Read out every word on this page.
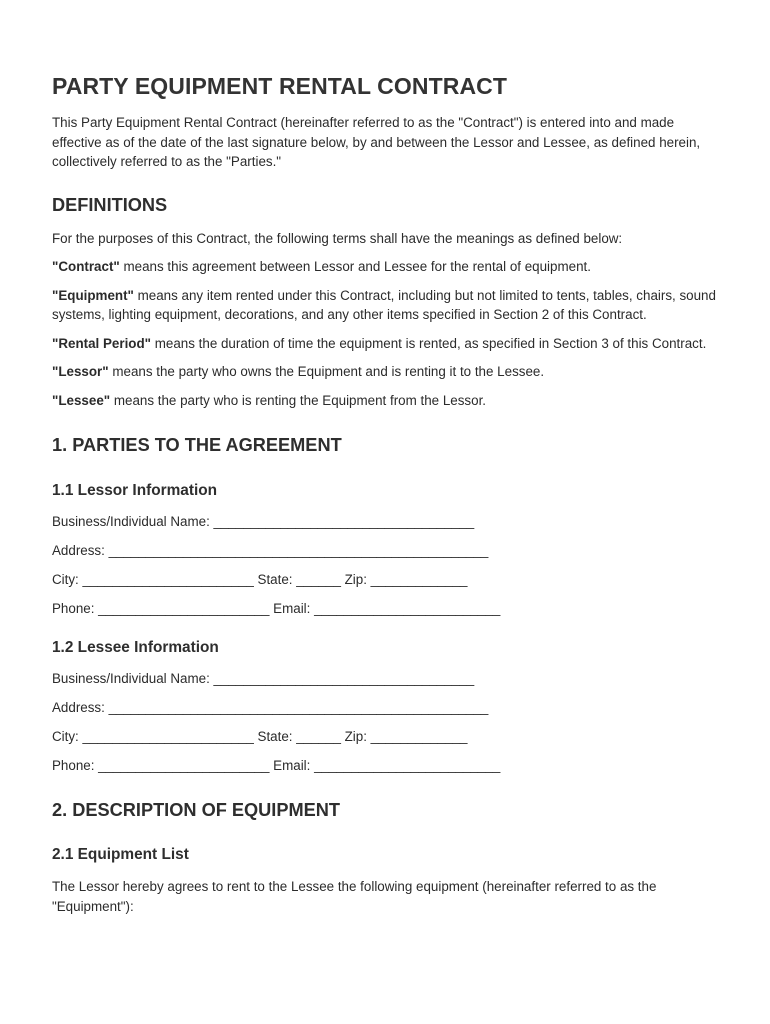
PARTY EQUIPMENT RENTAL CONTRACT

This Party Equipment Rental Contract (hereinafter referred to as the "Contract") is entered into and made effective as of the date of the last signature below, by and between the Lessor and Lessee, as defined herein, collectively referred to as the "Parties."

DEFINITIONS

For the purposes of this Contract, the following terms shall have the meanings as defined below:

"Contract" means this agreement between Lessor and Lessee for the rental of equipment.

"Equipment" means any item rented under this Contract, including but not limited to tents, tables, chairs, sound systems, lighting equipment, decorations, and any other items specified in Section 2 of this Contract.

"Rental Period" means the duration of time the equipment is rented, as specified in Section 3 of this Contract.

"Lessor" means the party who owns the Equipment and is renting it to the Lessee.

"Lessee" means the party who is renting the Equipment from the Lessor.

1. PARTIES TO THE AGREEMENT
1.1 Lessor Information

Business/Individual Name: ___________________________________

Address: ___________________________________________________

City: _______________________ State: ______ Zip: _____________

Phone: _______________________ Email: _________________________

1.2 Lessee Information

Business/Individual Name: ___________________________________

Address: ___________________________________________________

City: _______________________ State: ______ Zip: _____________

Phone: _______________________ Email: _________________________

2. DESCRIPTION OF EQUIPMENT
2.1 Equipment List

The Lessor hereby agrees to rent to the Lessee the following equipment (hereinafter referred to as the "Equipment"):
